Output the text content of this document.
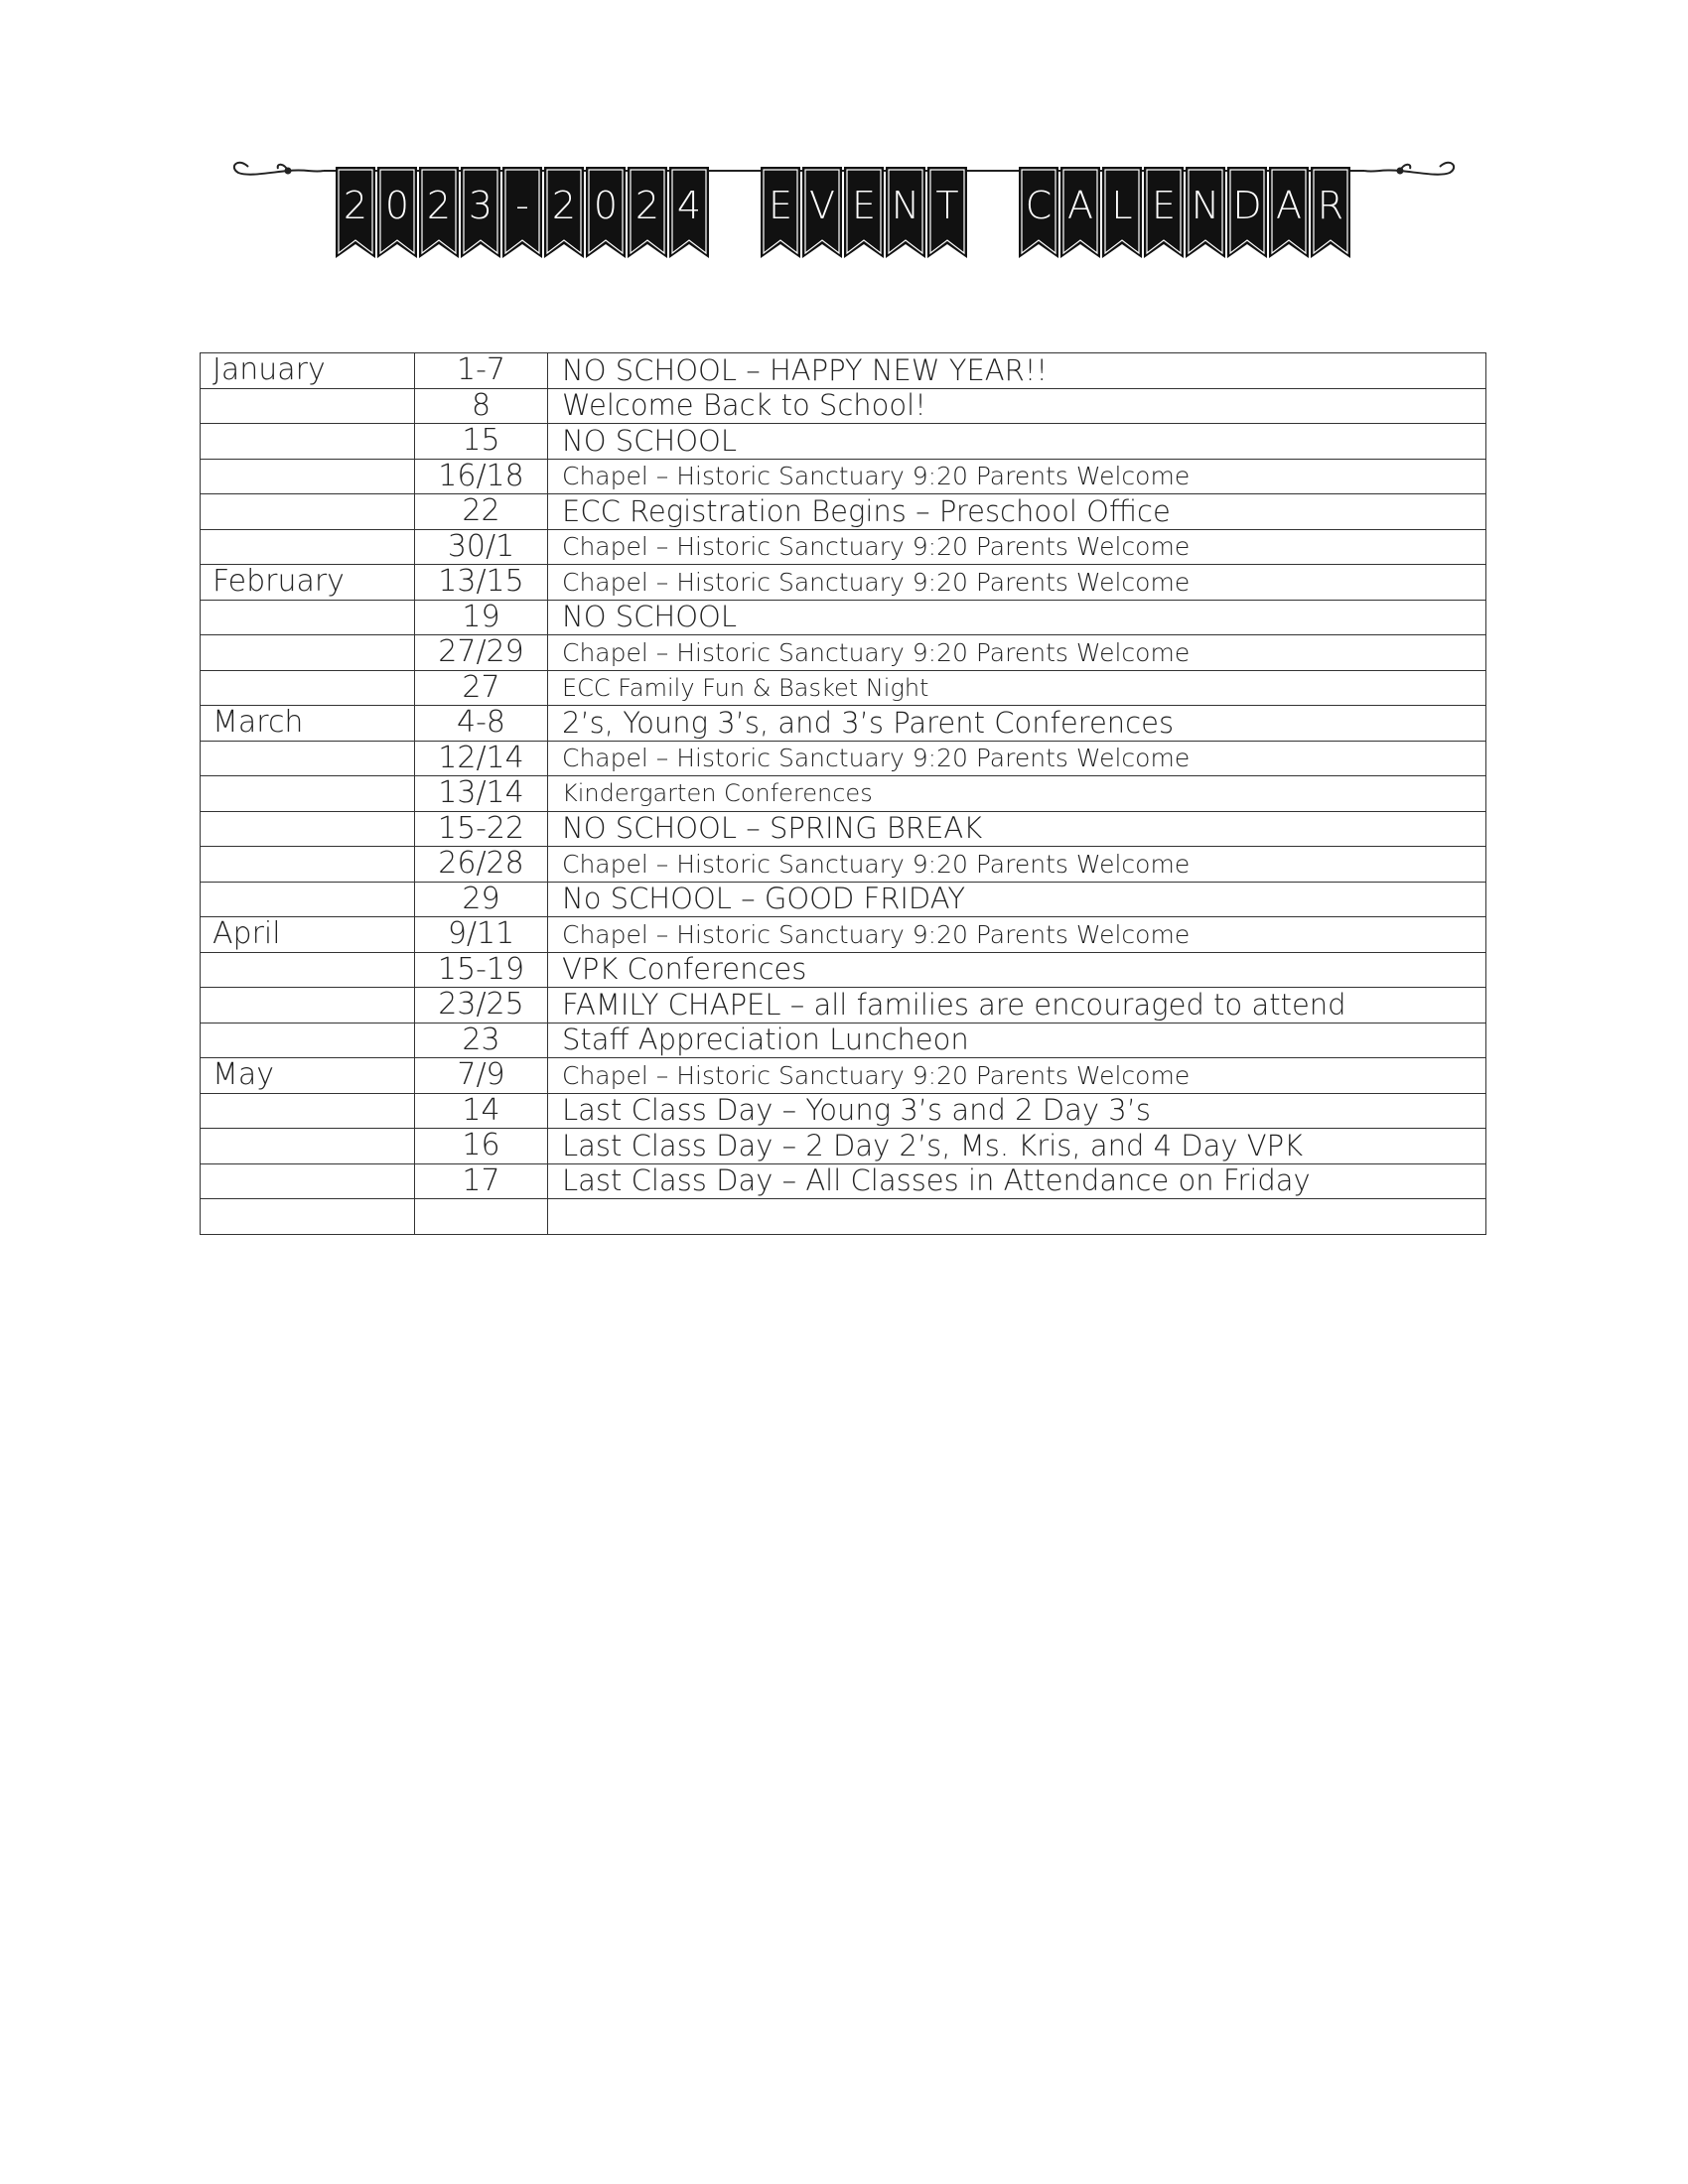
2 0 2 3 - 2 0 2 4 E V E N T C A L E N D A R
January	1-7	NO SCHOOL – HAPPY NEW YEAR!!
	8	Welcome Back to School!
	15	NO SCHOOL
	16/18	Chapel – Historic Sanctuary 9:20 Parents Welcome
	22	ECC Registration Begins – Preschool Office
	30/1	Chapel – Historic Sanctuary 9:20 Parents Welcome
February	13/15	Chapel – Historic Sanctuary 9:20 Parents Welcome
	19	NO SCHOOL
	27/29	Chapel – Historic Sanctuary 9:20 Parents Welcome
	27	ECC Family Fun & Basket Night
March	4-8	2’s, Young 3’s, and 3’s Parent Conferences
	12/14	Chapel – Historic Sanctuary 9:20 Parents Welcome
	13/14	Kindergarten Conferences
	15-22	NO SCHOOL – SPRING BREAK
	26/28	Chapel – Historic Sanctuary 9:20 Parents Welcome
	29	No SCHOOL – GOOD FRIDAY
April	9/11	Chapel – Historic Sanctuary 9:20 Parents Welcome
	15-19	VPK Conferences
	23/25	FAMILY CHAPEL – all families are encouraged to attend
	23	Staff Appreciation Luncheon
May	7/9	Chapel – Historic Sanctuary 9:20 Parents Welcome
	14	Last Class Day – Young 3’s and 2 Day 3’s
	16	Last Class Day – 2 Day 2’s, Ms. Kris, and 4 Day VPK
	17	Last Class Day – All Classes in Attendance on Friday
